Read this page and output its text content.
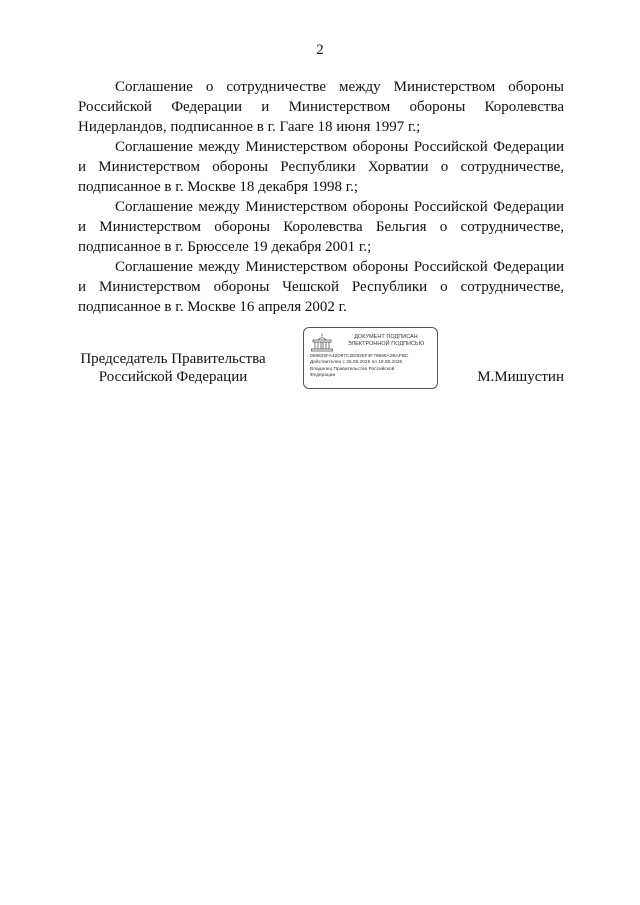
2

Соглашение о сотрудничестве между Министерством обороны Российской Федерации и Министерством обороны Королевства Нидерландов, подписанное в г. Гааге 18 июня 1997 г.;

Соглашение между Министерством обороны Российской Федерации и Министерством обороны Республики Хорватии о сотрудничестве, подписанное в г. Москве 18 декабря 1998 г.;

Соглашение между Министерством обороны Российской Федерации и Министерством обороны Королевства Бельгия о сотрудничестве, подписанное в г. Брюсселе 19 декабря 2001 г.;

Соглашение между Министерством обороны Российской Федерации и Министерством обороны Чешской Республики о сотрудничестве, подписанное в г. Москве 16 апреля 2002 г.

Председатель Правительства
Российской Федерации
ДОКУМЕНТ ПОДПИСАН
ЭЛЕКТРОННОЙ ПОДПИСЬЮ
009825FA42D97C2E0DEF4F79966A2BAFBC
Действителен с 26.05.2025 по 19.08.2026
Владелец Правительство Российской
Федерации	М.Мишустин
